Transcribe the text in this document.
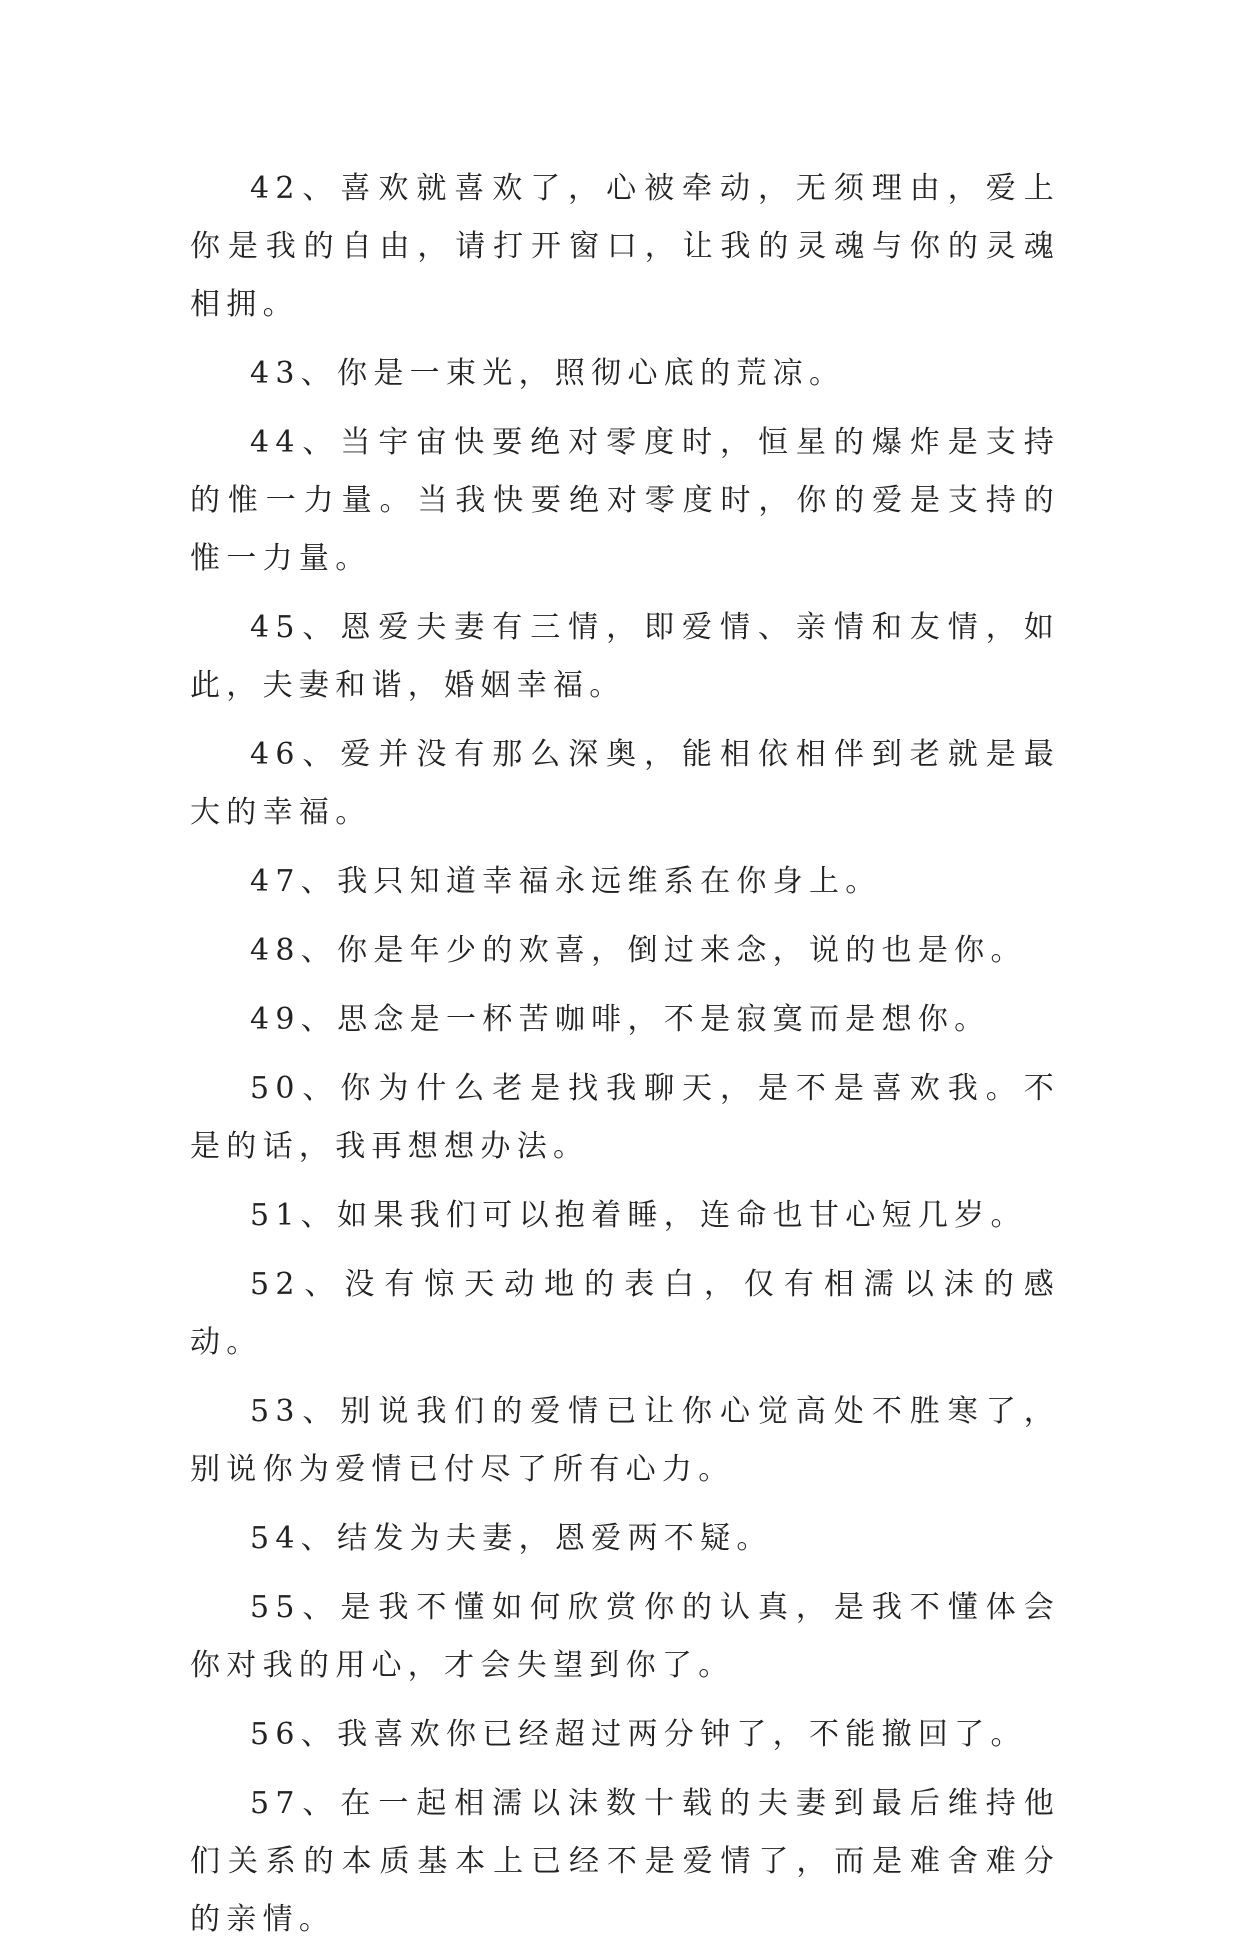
42、喜欢就喜欢了，心被牵动，无须理由，爱上你是我的自由，请打开窗口，让我的灵魂与你的灵魂相拥。

43、你是一束光，照彻心底的荒凉。

44、当宇宙快要绝对零度时，恒星的爆炸是支持的惟一力量。当我快要绝对零度时，你的爱是支持的惟一力量。

45、恩爱夫妻有三情，即爱情、亲情和友情，如此，夫妻和谐，婚姻幸福。

46、爱并没有那么深奥，能相依相伴到老就是最大的幸福。

47、我只知道幸福永远维系在你身上。

48、你是年少的欢喜，倒过来念，说的也是你。

49、思念是一杯苦咖啡，不是寂寞而是想你。

50、你为什么老是找我聊天，是不是喜欢我。不是的话，我再想想办法。

51、如果我们可以抱着睡，连命也甘心短几岁。

52、没有惊天动地的表白，仅有相濡以沫的感动。

53、别说我们的爱情已让你心觉高处不胜寒了，别说你为爱情已付尽了所有心力。

54、结发为夫妻，恩爱两不疑。

55、是我不懂如何欣赏你的认真，是我不懂体会你对我的用心，才会失望到你了。

56、我喜欢你已经超过两分钟了，不能撤回了。

57、在一起相濡以沫数十载的夫妻到最后维持他们关系的本质基本上已经不是爱情了，而是难舍难分的亲情。
